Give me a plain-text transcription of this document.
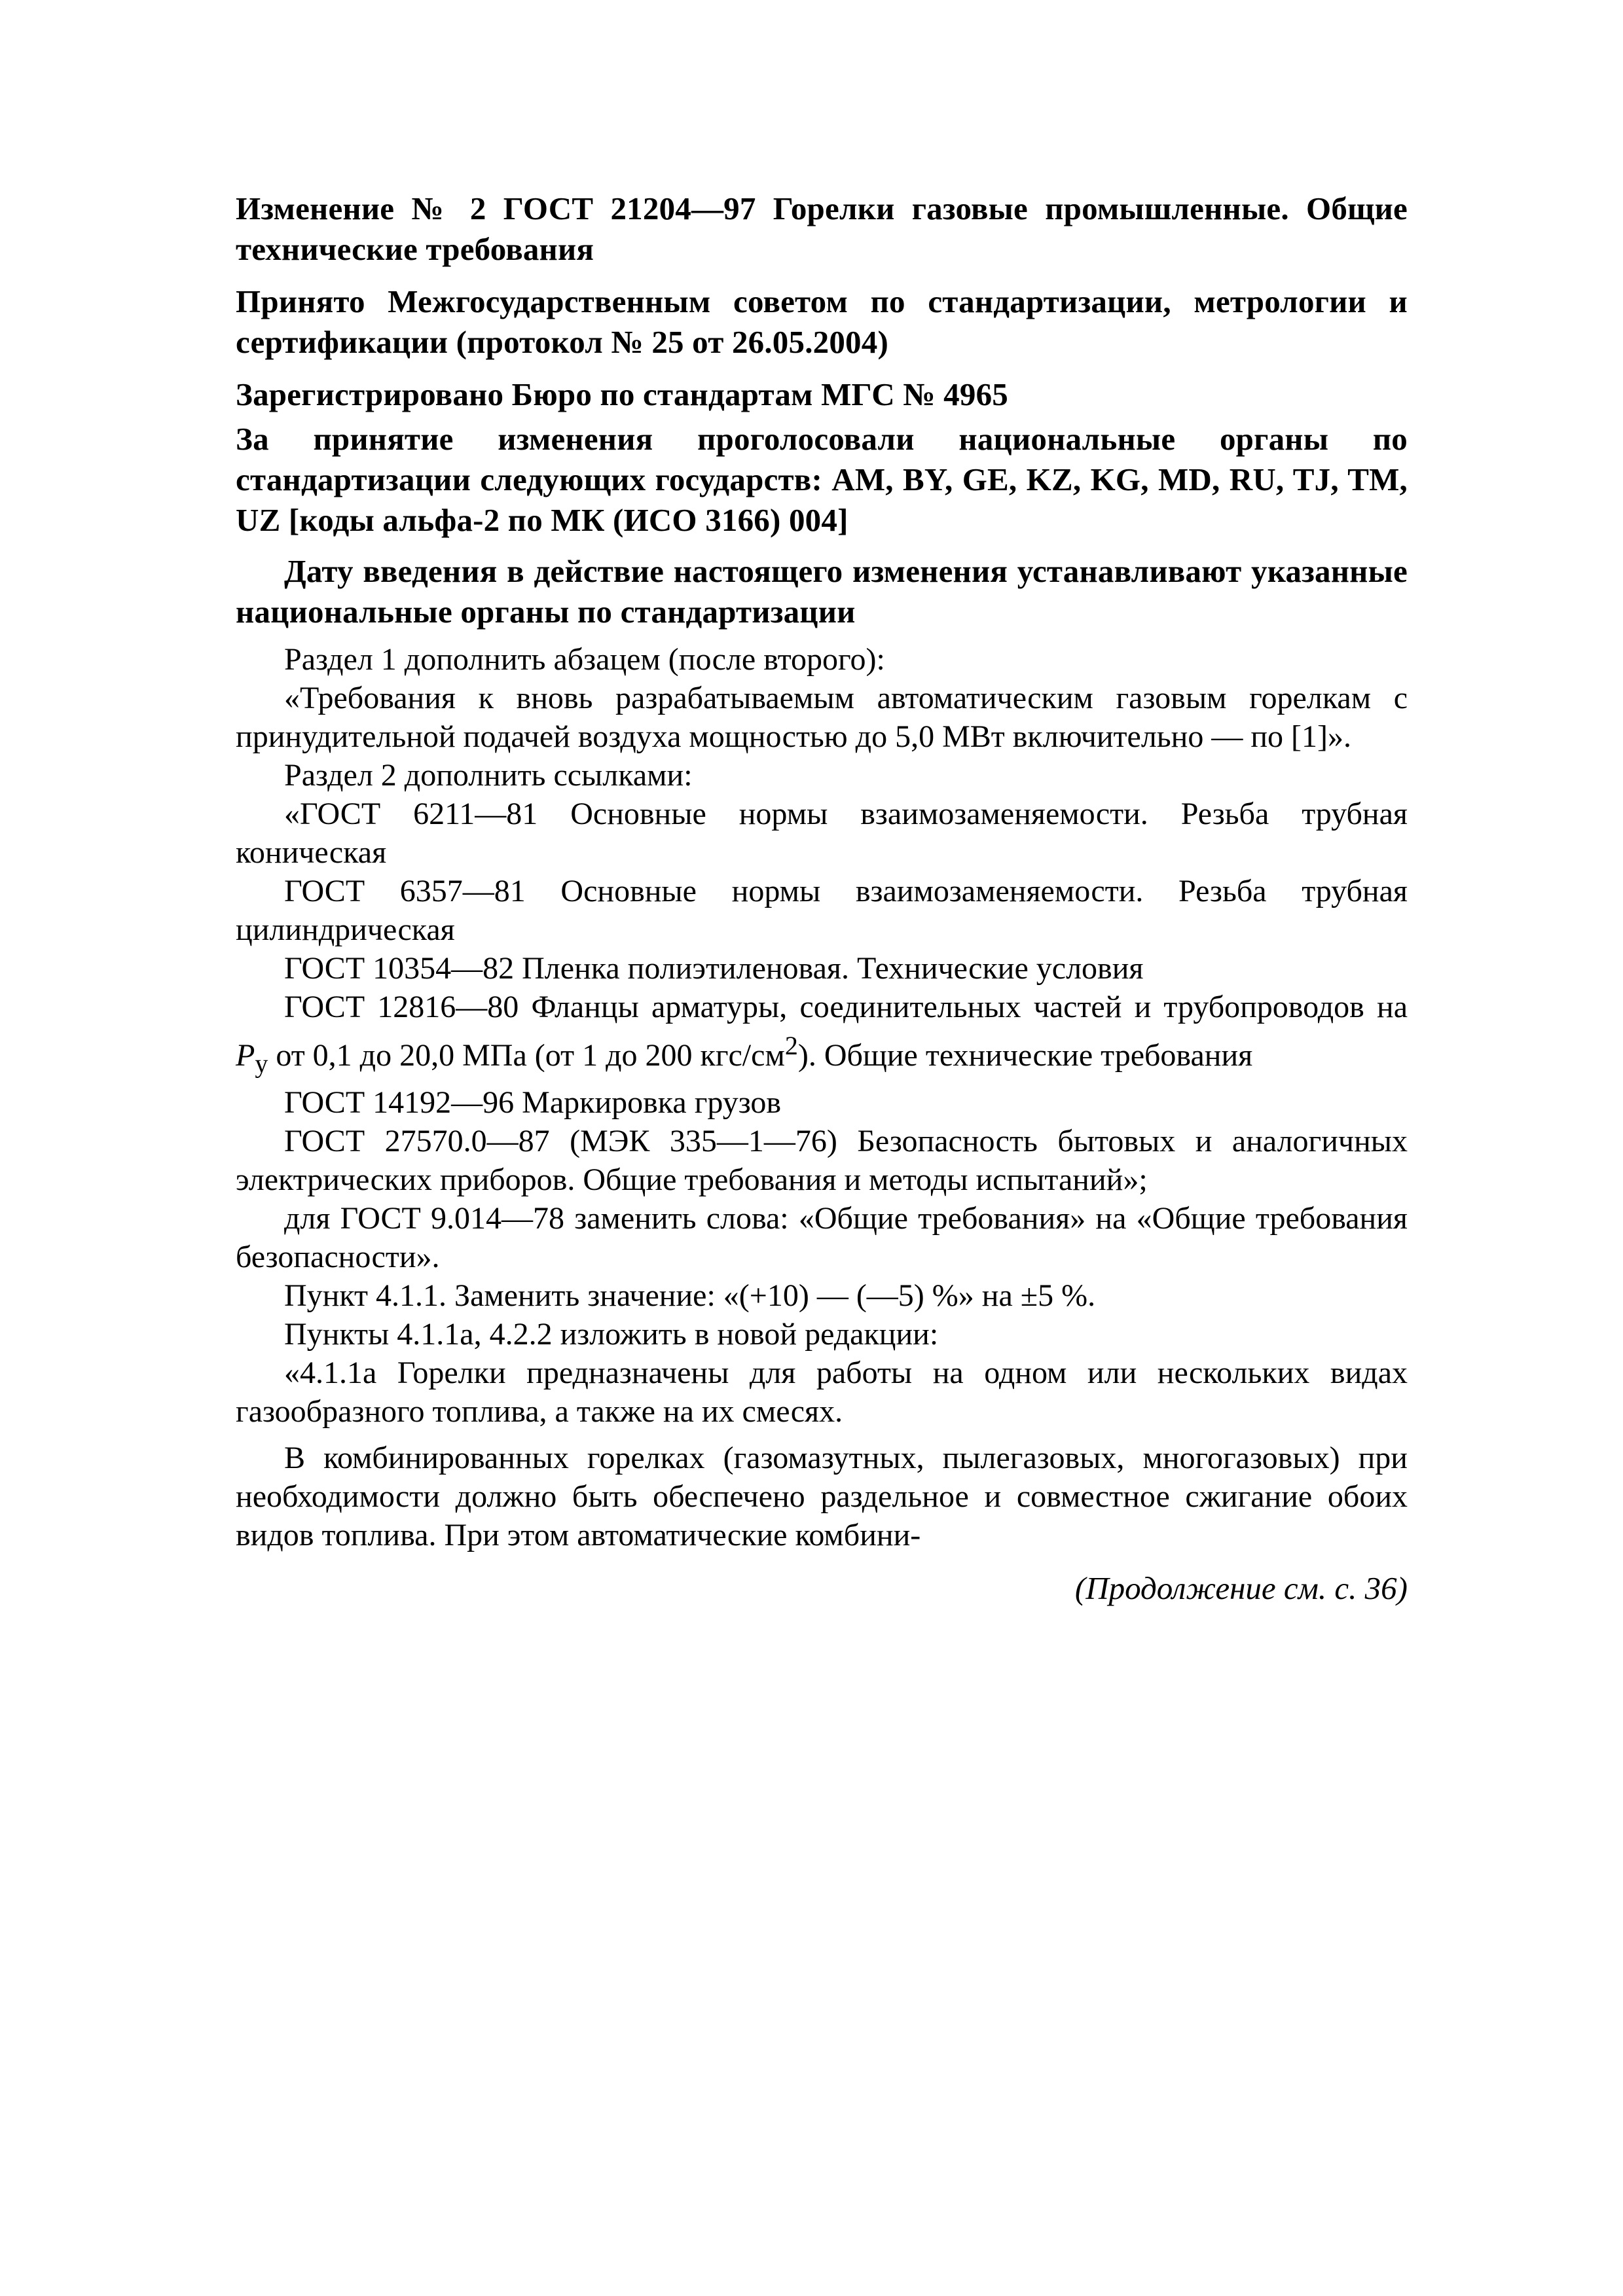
Изменение № 2 ГОСТ 21204—97 Горелки газовые промышленные. Общие технические требования

Принято Межгосударственным советом по стандартизации, метрологии и сертификации (протокол № 25 от 26.05.2004)

Зарегистрировано Бюро по стандартам МГС № 4965

За принятие изменения проголосовали национальные органы по стандартизации следующих государств: AM, BY, GE, KZ, KG, MD, RU, TJ, TM, UZ [коды альфа-2 по МК (ИСО 3166) 004]

Дату введения в действие настоящего изменения устанавливают указанные национальные органы по стандартизации

Раздел 1 дополнить абзацем (после второго):

«Требования к вновь разрабатываемым автоматическим газовым горелкам с принудительной подачей воздуха мощностью до 5,0 МВт включительно — по [1]».

Раздел 2 дополнить ссылками:

«ГОСТ 6211—81 Основные нормы взаимозаменяемости. Резьба трубная коническая

ГОСТ 6357—81 Основные нормы взаимозаменяемости. Резьба трубная цилиндрическая

ГОСТ 10354—82 Пленка полиэтиленовая. Технические условия

ГОСТ 12816—80 Фланцы арматуры, соединительных частей и трубопроводов на $P_у$ от 0,1 до 20,0 МПа (от 1 до 200 кгс/$см^2$). Общие технические требования

ГОСТ 14192—96 Маркировка грузов

ГОСТ 27570.0—87 (МЭК 335—1—76) Безопасность бытовых и аналогичных электрических приборов. Общие требования и методы испытаний»;

для ГОСТ 9.014—78 заменить слова: «Общие требования» на «Общие требования безопасности».

Пункт 4.1.1. Заменить значение: «(+10) — (—5) %» на ±5 %.

Пункты 4.1.1а, 4.2.2 изложить в новой редакции:

«4.1.1а Горелки предназначены для работы на одном или нескольких видах газообразного топлива, а также на их смесях.

В комбинированных горелках (газомазутных, пылегазовых, многогазовых) при необходимости должно быть обеспечено раздельное и совместное сжигание обоих видов топлива. При этом автоматические комбини-

(Продолжение см. с. 36)
